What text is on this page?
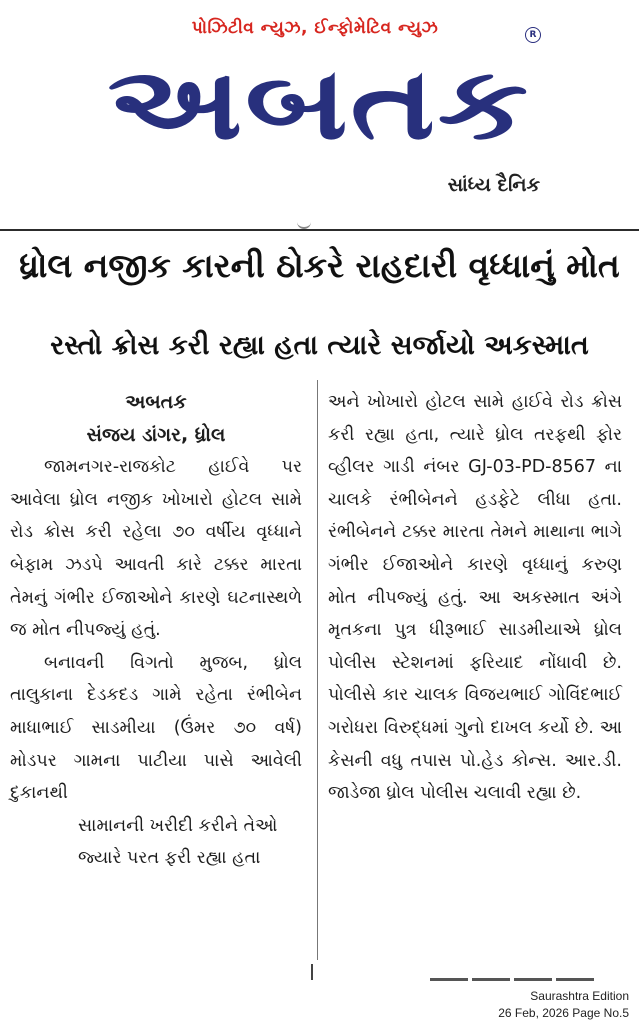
પોઝિટીવ ન્યુઝ, ઈન્ફોમેટિવ ન્યુઝ	R
અબતક
સાંધ્ય દૈનિક
ધ્રોલ નજીક કારની ઠોકરે રાહદારી વૃધ્ધાનું મોત
રસ્તો ક્રોસ કરી રહ્યા હતા ત્યારે સર્જાયો અકસ્માત

અબતક

સંજય ડાંગર, ધ્રોલ

જામનગર-રાજકોટ હાઈવે પર આવેલા ધ્રોલ નજીક ખોખારો હોટલ સામે રોડ ક્રોસ કરી રહેલા ૭૦ વર્ષીય વૃધ્ધાને બેફામ ઝડપે આવતી કારે ટક્કર મારતા તેમનું ગંભીર ઈજાઓને કારણે ઘટનાસ્થળે જ મોત નીપજ્યું હતું.

બનાવની વિગતો મુજબ, ધ્રોલ તાલુકાના દેડકદડ ગામે રહેતા રંભીબેન માધાભાઈ સાડમીયા (ઉંમર ૭૦ વર્ષ) મોડપર ગામના પાટીયા પાસે આવેલી દુકાનથી

સામાનની ખરીદી કરીને તેઓ જ્યારે પરત ફરી રહ્યા હતા

અને ખોખારો હોટલ સામે હાઈવે રોડ ક્રોસ કરી રહ્યા હતા, ત્યારે ધ્રોલ તરફથી ફોર વ્હીલર ગાડી નંબર GJ-03-PD-8567 ના ચાલકે રંભીબેનને હડફેટે લીધા હતા. રંભીબેનને ટક્કર મારતા તેમને માથાના ભાગે ગંભીર ઈજાઓને કારણે વૃધ્ધાનું કરુણ મોત નીપજ્યું હતું. આ અકસ્માત અંગે મૃતકના પુત્ર ધીરૂભાઈ સાડમીયાએ ધ્રોલ પોલીસ સ્ટેશનમાં ફરિયાદ નોંધાવી છે. પોલીસે કાર ચાલક વિજયભાઈ ગોવિંદભાઈ ગરોધરા વિરુદ્ધમાં ગુનો દાખલ કર્યો છે. આ કેસની વધુ તપાસ પો.હેડ કોન્સ. આર.ડી. જાડેજા ધ્રોલ પોલીસ ચલાવી રહ્યા છે.

Saurashtra Edition
26 Feb, 2026 Page No.5
